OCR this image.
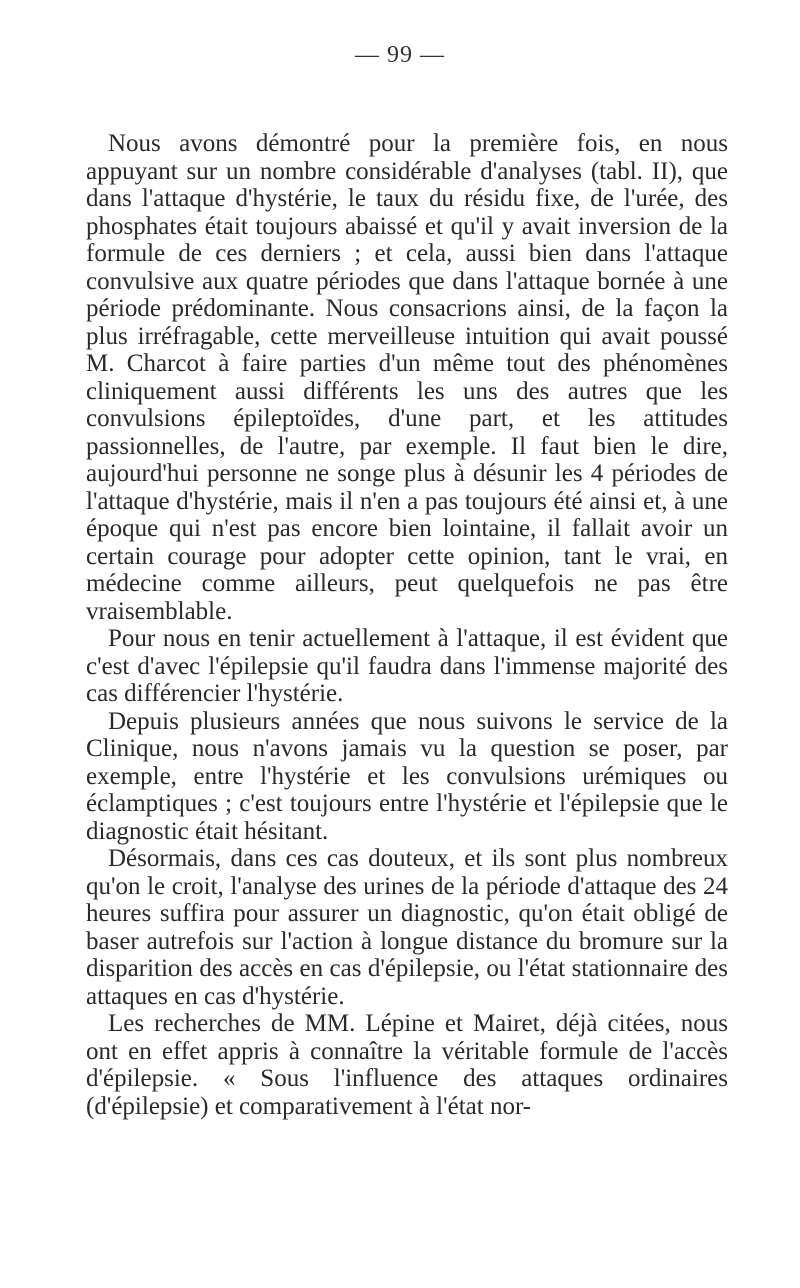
— 99 —

Nous avons démontré pour la première fois, en nous appuyant sur un nombre considérable d'analyses (tabl. II), que dans l'attaque d'hystérie, le taux du résidu fixe, de l'urée, des phosphates était toujours abaissé et qu'il y avait inversion de la formule de ces derniers ; et cela, aussi bien dans l'attaque convulsive aux quatre périodes que dans l'attaque bornée à une période prédominante. Nous consacrions ainsi, de la façon la plus irréfragable, cette merveilleuse intuition qui avait poussé M. Charcot à faire parties d'un même tout des phénomènes cliniquement aussi différents les uns des autres que les convulsions épileptoïdes, d'une part, et les attitudes passionnelles, de l'autre, par exemple. Il faut bien le dire, aujourd'hui personne ne songe plus à désunir les 4 périodes de l'attaque d'hystérie, mais il n'en a pas toujours été ainsi et, à une époque qui n'est pas encore bien lointaine, il fallait avoir un certain courage pour adopter cette opinion, tant le vrai, en médecine comme ailleurs, peut quelquefois ne pas être vraisemblable.

Pour nous en tenir actuellement à l'attaque, il est évident que c'est d'avec l'épilepsie qu'il faudra dans l'immense majorité des cas différencier l'hystérie.

Depuis plusieurs années que nous suivons le service de la Clinique, nous n'avons jamais vu la question se poser, par exemple, entre l'hystérie et les convulsions urémiques ou éclamptiques ; c'est toujours entre l'hystérie et l'épilepsie que le diagnostic était hésitant.

Désormais, dans ces cas douteux, et ils sont plus nombreux qu'on le croit, l'analyse des urines de la période d'attaque des 24 heures suffira pour assurer un diagnostic, qu'on était obligé de baser autrefois sur l'action à longue distance du bromure sur la disparition des accès en cas d'épilepsie, ou l'état stationnaire des attaques en cas d'hystérie.

Les recherches de MM. Lépine et Mairet, déjà citées, nous ont en effet appris à connaître la véritable formule de l'accès d'épilepsie. « Sous l'influence des attaques ordinaires (d'épilepsie) et comparativement à l'état nor-
